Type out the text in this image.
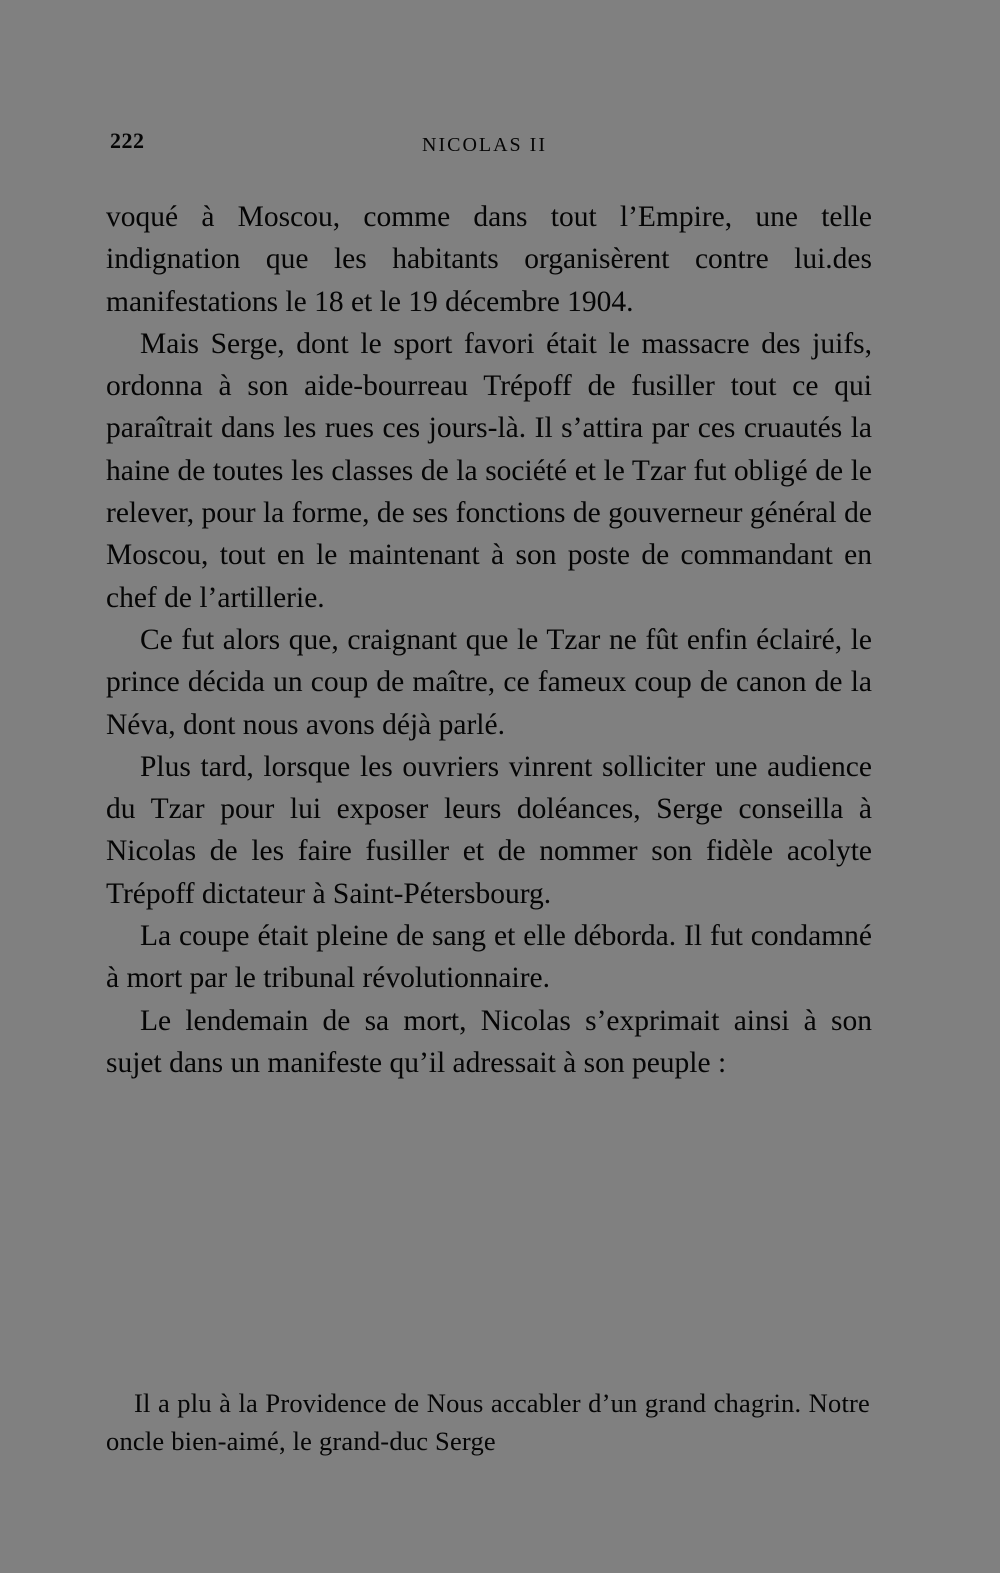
222	NICOLAS II

voqué à Moscou, comme dans tout l’Empire, une telle indignation que les habitants organisèrent contre lui.des manifestations le 18 et le 19 décembre 1904.

Mais Serge, dont le sport favori était le massacre des juifs, ordonna à son aide-bourreau Trépoff de fusiller tout ce qui paraîtrait dans les rues ces jours-là. Il s’attira par ces cruautés la haine de toutes les classes de la société et le Tzar fut obligé de le relever, pour la forme, de ses fonctions de gouverneur général de Moscou, tout en le maintenant à son poste de commandant en chef de l’artillerie.

Ce fut alors que, craignant que le Tzar ne fût enfin éclairé, le prince décida un coup de maître, ce fameux coup de canon de la Néva, dont nous avons déjà parlé.

Plus tard, lorsque les ouvriers vinrent solliciter une audience du Tzar pour lui exposer leurs doléances, Serge conseilla à Nicolas de les faire fusiller et de nommer son fidèle acolyte Trépoff dictateur à Saint-Pétersbourg.

La coupe était pleine de sang et elle déborda. Il fut condamné à mort par le tribunal révolutionnaire.

Le lendemain de sa mort, Nicolas s’exprimait ainsi à son sujet dans un manifeste qu’il adressait à son peuple :

Il a plu à la Providence de Nous accabler d’un grand chagrin. Notre oncle bien-aimé, le grand-duc Serge
